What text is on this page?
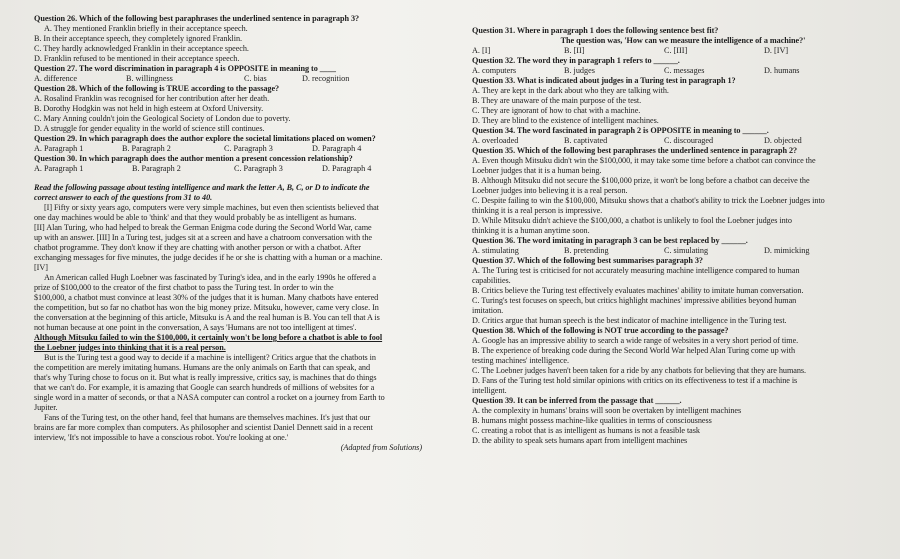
Question 26. Which of the following best paraphrases the underlined sentence in paragraph 3?
A. They mentioned Franklin briefly in their acceptance speech.
B. In their acceptance speech, they completely ignored Franklin.
C. They hardly acknowledged Franklin in their acceptance speech.
D. Franklin refused to be mentioned in their acceptance speech.
Question 27. The word discrimination in paragraph 4 is OPPOSITE in meaning to ____
A. difference	B. willingness	C. bias	D. recognition
Question 28. Which of the following is TRUE according to the passage?
A. Rosalind Franklin was recognised for her contribution after her death.
B. Dorothy Hodgkin was not held in high esteem at Oxford University.
C. Mary Anning couldn't join the Geological Society of London due to poverty.
D. A struggle for gender equality in the world of science still continues.
Question 29. In which paragraph does the author explore the societal limitations placed on women?
A. Paragraph 1	B. Paragraph 2	C. Paragraph 3	D. Paragraph 4
Question 30. In which paragraph does the author mention a present concession relationship?
A. Paragraph 1	B. Paragraph 2	C. Paragraph 3	D. Paragraph 4
Read the following passage about testing intelligence and mark the letter A, B, C, or D to indicate the
correct answer to each of the questions from 31 to 40.
[I] Fifty or sixty years ago, computers were very simple machines, but even then scientists believed that
one day machines would be able to 'think' and that they would probably be as intelligent as humans.
[II] Alan Turing, who had helped to break the German Enigma code during the Second World War, came
up with an answer. [III] In a Turing test, judges sit at a screen and have a chatroom conversation with the
chatbot programme. They don't know if they are chatting with another person or with a chatbot. After
exchanging messages for five minutes, the judge decides if he or she is chatting with a human or a machine.
[IV]
An American called Hugh Loebner was fascinated by Turing's idea, and in the early 1990s he offered a
prize of $100,000 to the creator of the first chatbot to pass the Turing test. In order to win the
$100,000, a chatbot must convince at least 30% of the judges that it is human. Many chatbots have entered
the competition, but so far no chatbot has won the big money prize. Mitsuku, however, came very close. In
the conversation at the beginning of this article, Mitsuku is A and the real human is B. You can tell that A is
not human because at one point in the conversation, A says 'Humans are not too intelligent at times'.
Although Mitsuku failed to win the $100,000, it certainly won't be long before a chatbot is able to fool
the Loebner judges into thinking that it is a real person.
But is the Turing test a good way to decide if a machine is intelligent? Critics argue that the chatbots in
the competition are merely imitating humans. Humans are the only animals on Earth that can speak, and
that's why Turing chose to focus on it. But what is really impressive, critics say, is machines that do things
that we can't do. For example, it is amazing that Google can search hundreds of millions of websites for a
single word in a matter of seconds, or that a NASA computer can control a rocket on a journey from Earth to
Jupiter.
Fans of the Turing test, on the other hand, feel that humans are themselves machines. It's just that our
brains are far more complex than computers. As philosopher and scientist Daniel Dennett said in a recent
interview, 'It's not impossible to have a conscious robot. You're looking at one.'
(Adapted from Solutions)
Question 31. Where in paragraph 1 does the following sentence best fit?
The question was, 'How can we measure the intelligence of a machine?'
A. [I]	B. [II]	C. [III]	D. [IV]
Question 32. The word they in paragraph 1 refers to ______.
A. computers	B. judges	C. messages	D. humans
Question 33. What is indicated about judges in a Turing test in paragraph 1?
A. They are kept in the dark about who they are talking with.
B. They are unaware of the main purpose of the test.
C. They are ignorant of how to chat with a machine.
D. They are blind to the existence of intelligent machines.
Question 34. The word fascinated in paragraph 2 is OPPOSITE in meaning to ______.
A. overloaded	B. captivated	C. discouraged	D. objected
Question 35. Which of the following best paraphrases the underlined sentence in paragraph 2?
A. Even though Mitsuku didn't win the $100,000, it may take some time before a chatbot can convince the
Loebner judges that it is a human being.
B. Although Mitsuku did not secure the $100,000 prize, it won't be long before a chatbot can deceive the
Loebner judges into believing it is a real person.
C. Despite failing to win the $100,000, Mitsuku shows that a chatbot's ability to trick the Loebner judges into
thinking it is a real person is impressive.
D. While Mitsuku didn't achieve the $100,000, a chatbot is unlikely to fool the Loebner judges into
thinking it is a human anytime soon.
Question 36. The word imitating in paragraph 3 can be best replaced by ______.
A. stimulating	B. pretending	C. simulating	D. mimicking
Question 37. Which of the following best summarises paragraph 3?
A. The Turing test is criticised for not accurately measuring machine intelligence compared to human
capabilities.
B. Critics believe the Turing test effectively evaluates machines' ability to imitate human conversation.
C. Turing's test focuses on speech, but critics highlight machines' impressive abilities beyond human
imitation.
D. Critics argue that human speech is the best indicator of machine intelligence in the Turing test.
Question 38. Which of the following is NOT true according to the passage?
A. Google has an impressive ability to search a wide range of websites in a very short period of time.
B. The experience of breaking code during the Second World War helped Alan Turing come up with
testing machines' intelligence.
C. The Loebner judges haven't been taken for a ride by any chatbots for believing that they are humans.
D. Fans of the Turing test hold similar opinions with critics on its effectiveness to test if a machine is
intelligent.
Question 39. It can be inferred from the passage that ______.
A. the complexity in humans' brains will soon be overtaken by intelligent machines
B. humans might possess machine-like qualities in terms of consciousness
C. creating a robot that is as intelligent as humans is not a feasible task
D. the ability to speak sets humans apart from intelligent machines
